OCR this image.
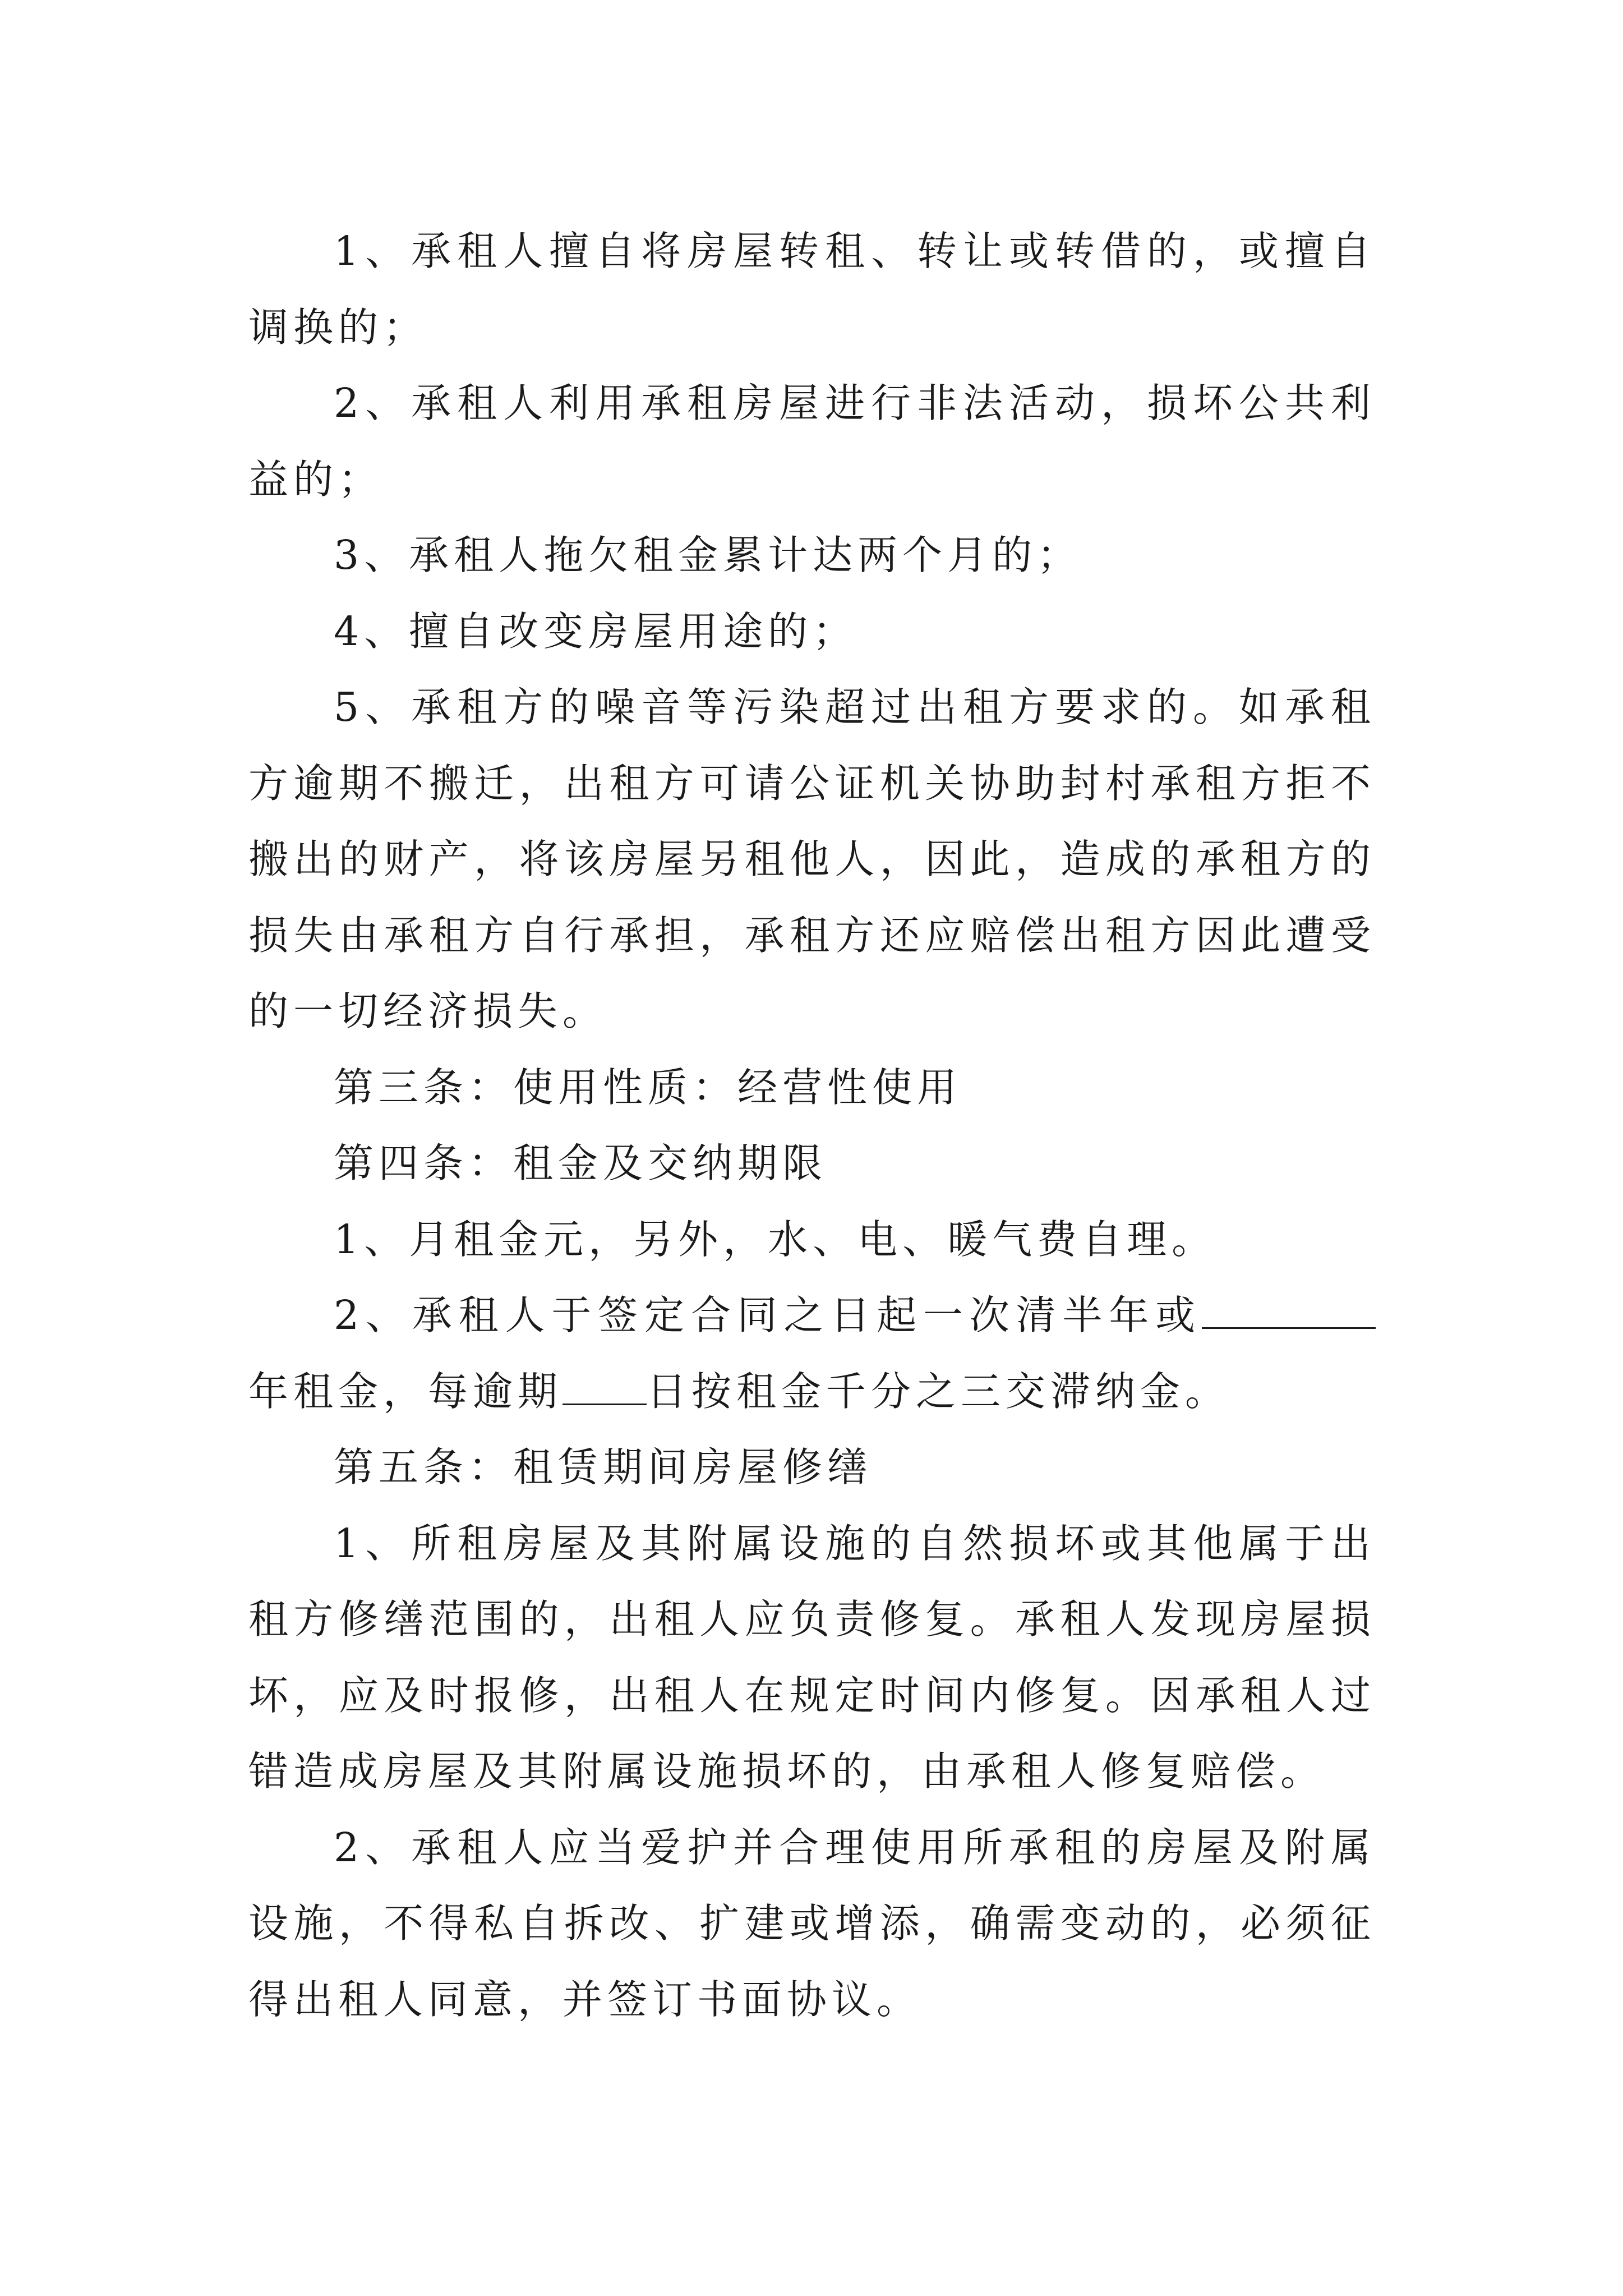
1、承租人擅自将房屋转租、转让或转借的，或擅自调换的；

2、承租人利用承租房屋进行非法活动，损坏公共利益的；

3、承租人拖欠租金累计达两个月的；

4、擅自改变房屋用途的；

5、承租方的噪音等污染超过出租方要求的。如承租方逾期不搬迁，出租方可请公证机关协助封村承租方拒不搬出的财产，将该房屋另租他人，因此，造成的承租方的损失由承租方自行承担，承租方还应赔偿出租方因此遭受的一切经济损失。

第三条：使用性质：经营性使用

第四条：租金及交纳期限

1、月租金元，另外，水、电、暖气费自理。

2、承租人于签定合同之日起一次清半年或年租金，每逾期 日按租金千分之三交滞纳金。

第五条：租赁期间房屋修缮

1、所租房屋及其附属设施的自然损坏或其他属于出租方修缮范围的，出租人应负责修复。承租人发现房屋损坏，应及时报修，出租人在规定时间内修复。因承租人过错造成房屋及其附属设施损坏的，由承租人修复赔偿。

2、承租人应当爱护并合理使用所承租的房屋及附属设施，不得私自拆改、扩建或增添，确需变动的，必须征得出租人同意，并签订书面协议。
